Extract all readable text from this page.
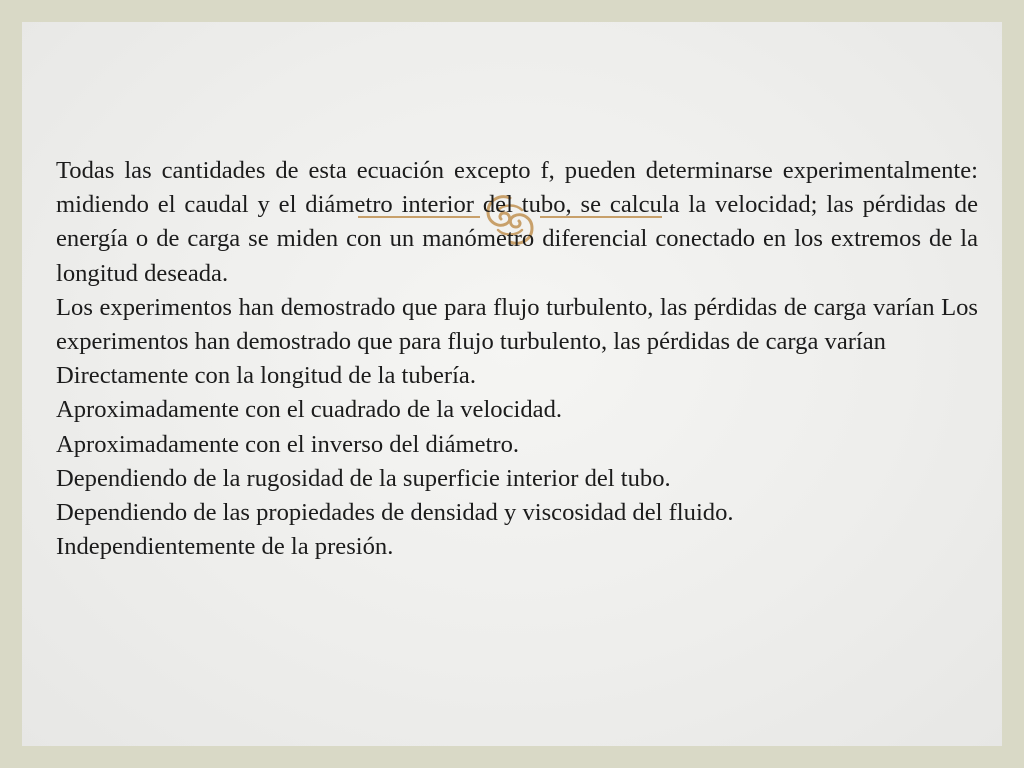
Todas las cantidades de esta ecuación excepto f, pueden determinarse experimentalmente: midiendo el caudal y el diámetro interior del tubo, se calcula la velocidad; las pérdidas de energía o de carga se miden con un manómetro diferencial conectado en los extremos de la longitud deseada.

Los experimentos han demostrado que para flujo turbulento, las pérdidas de carga varían Los experimentos han demostrado que para flujo turbulento, las pérdidas de carga varían

Directamente con la longitud de la tubería.

Aproximadamente con el cuadrado de la velocidad.

Aproximadamente con el inverso del diámetro.

Dependiendo de la rugosidad de la superficie interior del tubo.

Dependiendo de las propiedades de densidad y viscosidad del fluido.

Independientemente de la presión.
